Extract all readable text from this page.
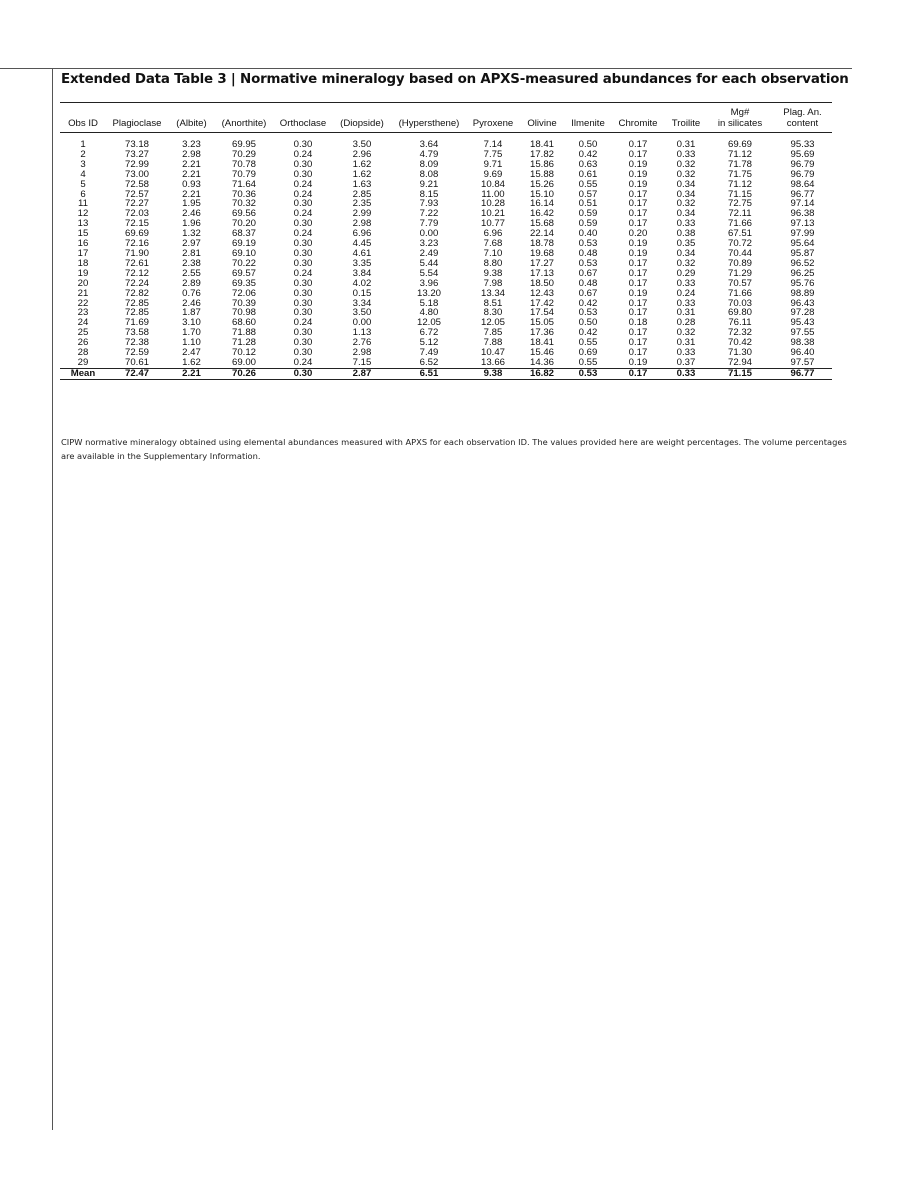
Extended Data Table 3 | Normative mineralogy based on APXS-measured abundances for each observation
Obs ID	Plagioclase	(Albite)	(Anorthite)	Orthoclase	(Diopside)	(Hypersthene)	Pyroxene	Olivine	Ilmenite	Chromite	Troilite	Mg#
in silicates	Plag. An.
content
1	73.18	3.23	69.95	0.30	3.50	3.64	7.14	18.41	0.50	0.17	0.31	69.69	95.33
2	73.27	2.98	70.29	0.24	2.96	4.79	7.75	17.82	0.42	0.17	0.33	71.12	95.69
3	72.99	2.21	70.78	0.30	1.62	8.09	9.71	15.86	0.63	0.19	0.32	71.78	96.79
4	73.00	2.21	70.79	0.30	1.62	8.08	9.69	15.88	0.61	0.19	0.32	71.75	96.79
5	72.58	0.93	71.64	0.24	1.63	9.21	10.84	15.26	0.55	0.19	0.34	71.12	98.64
6	72.57	2.21	70.36	0.24	2.85	8.15	11.00	15.10	0.57	0.17	0.34	71.15	96.77
11	72.27	1.95	70.32	0.30	2.35	7.93	10.28	16.14	0.51	0.17	0.32	72.75	97.14
12	72.03	2.46	69.56	0.24	2.99	7.22	10.21	16.42	0.59	0.17	0.34	72.11	96.38
13	72.15	1.96	70.20	0.30	2.98	7.79	10.77	15.68	0.59	0.17	0.33	71.66	97.13
15	69.69	1.32	68.37	0.24	6.96	0.00	6.96	22.14	0.40	0.20	0.38	67.51	97.99
16	72.16	2.97	69.19	0.30	4.45	3.23	7.68	18.78	0.53	0.19	0.35	70.72	95.64
17	71.90	2.81	69.10	0.30	4.61	2.49	7.10	19.68	0.48	0.19	0.34	70.44	95.87
18	72.61	2.38	70.22	0.30	3.35	5.44	8.80	17.27	0.53	0.17	0.32	70.89	96.52
19	72.12	2.55	69.57	0.24	3.84	5.54	9.38	17.13	0.67	0.17	0.29	71.29	96.25
20	72.24	2.89	69.35	0.30	4.02	3.96	7.98	18.50	0.48	0.17	0.33	70.57	95.76
21	72.82	0.76	72.06	0.30	0.15	13.20	13.34	12.43	0.67	0.19	0.24	71.66	98.89
22	72.85	2.46	70.39	0.30	3.34	5.18	8.51	17.42	0.42	0.17	0.33	70.03	96.43
23	72.85	1.87	70.98	0.30	3.50	4.80	8.30	17.54	0.53	0.17	0.31	69.80	97.28
24	71.69	3.10	68.60	0.24	0.00	12.05	12.05	15.05	0.50	0.18	0.28	76.11	95.43
25	73.58	1.70	71.88	0.30	1.13	6.72	7.85	17.36	0.42	0.17	0.32	72.32	97.55
26	72.38	1.10	71.28	0.30	2.76	5.12	7.88	18.41	0.55	0.17	0.31	70.42	98.38
28	72.59	2.47	70.12	0.30	2.98	7.49	10.47	15.46	0.69	0.17	0.33	71.30	96.40
29	70.61	1.62	69.00	0.24	7.15	6.52	13.66	14.36	0.55	0.19	0.37	72.94	97.57
Mean	72.47	2.21	70.26	0.30	2.87	6.51	9.38	16.82	0.53	0.17	0.33	71.15	96.77
CIPW normative mineralogy obtained using elemental abundances measured with APXS for each observation ID. The values provided here are weight percentages. The volume percentages are available in the Supplementary Information.
